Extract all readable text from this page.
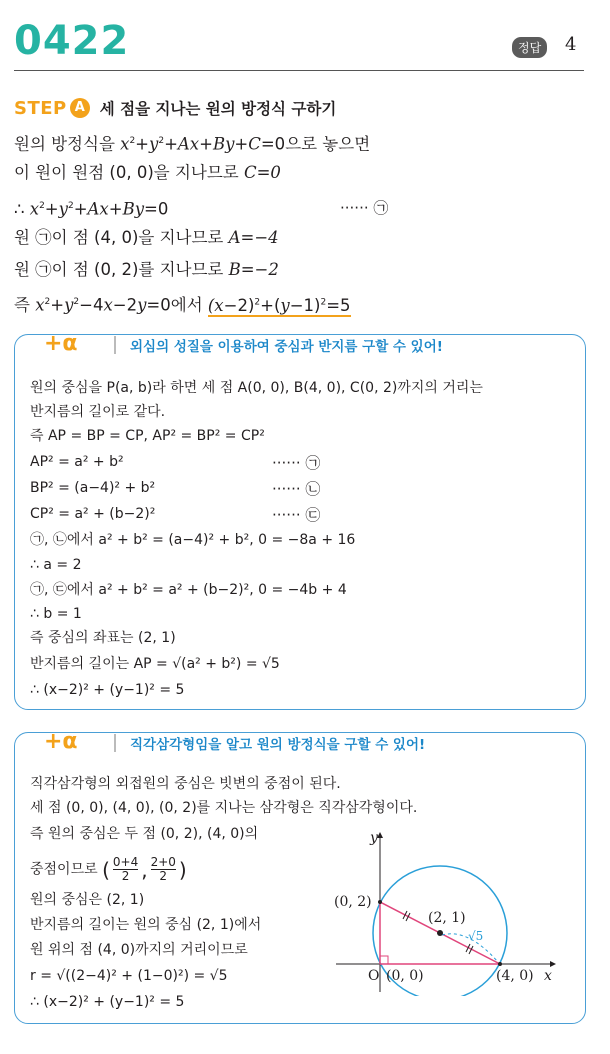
0422	정답	4
STEP A 세 점을 지나는 원의 방정식 구하기
원의 방정식을 $x^2+y^2+Ax+By+C=0$으로 놓으면
이 원이 원점 (0, 0)을 지나므로 C=0
∴ $x^2+y^2+Ax+By=0$	······ ㉠
원 ㉠이 점 (4, 0)을 지나므로 A=−4
원 ㉠이 점 (0, 2)를 지나므로 B=−2
즉 $x^2+y^2-4x-2y=0$에서 $(x-2)^2+(y-1)^2=5$
+α	외심의 성질을 이용하여 중심과 반지름 구할 수 있어!
원의 중심을 P(a, b)라 하면 세 점 A(0, 0), B(4, 0), C(0, 2)까지의 거리는
반지름의 길이로 같다.
즉 AP = BP = CP, AP² = BP² = CP²
AP² = a² + b²	······ ㉠
BP² = (a−4)² + b²	······ ㉡
CP² = a² + (b−2)²	······ ㉢
㉠, ㉡에서 a² + b² = (a−4)² + b², 0 = −8a + 16
∴ a = 2
㉠, ㉢에서 a² + b² = a² + (b−2)², 0 = −4b + 4
∴ b = 1
즉 중심의 좌표는 (2, 1)
반지름의 길이는 AP = √(a² + b²) = √5
∴ (x−2)² + (y−1)² = 5
+α	직각삼각형임을 알고 원의 방정식을 구할 수 있어!
직각삼각형의 외접원의 중심은 빗변의 중점이 된다.
세 점 (0, 0), (4, 0), (0, 2)를 지나는 삼각형은 직각삼각형이다.
즉 원의 중심은 두 점 (0, 2), (4, 0)의
중점이므로 ( 0+4
2 , 2+0
2 )
원의 중심은 (2, 1)
반지름의 길이는 원의 중심 (2, 1)에서
원 위의 점 (4, 0)까지의 거리이므로
r = √((2−4)² + (1−0)²) = √5
∴ (x−2)² + (y−1)² = 5
y
x
O
(0, 2)
(0, 0)	(4, 0)
(2, 1)
√5
